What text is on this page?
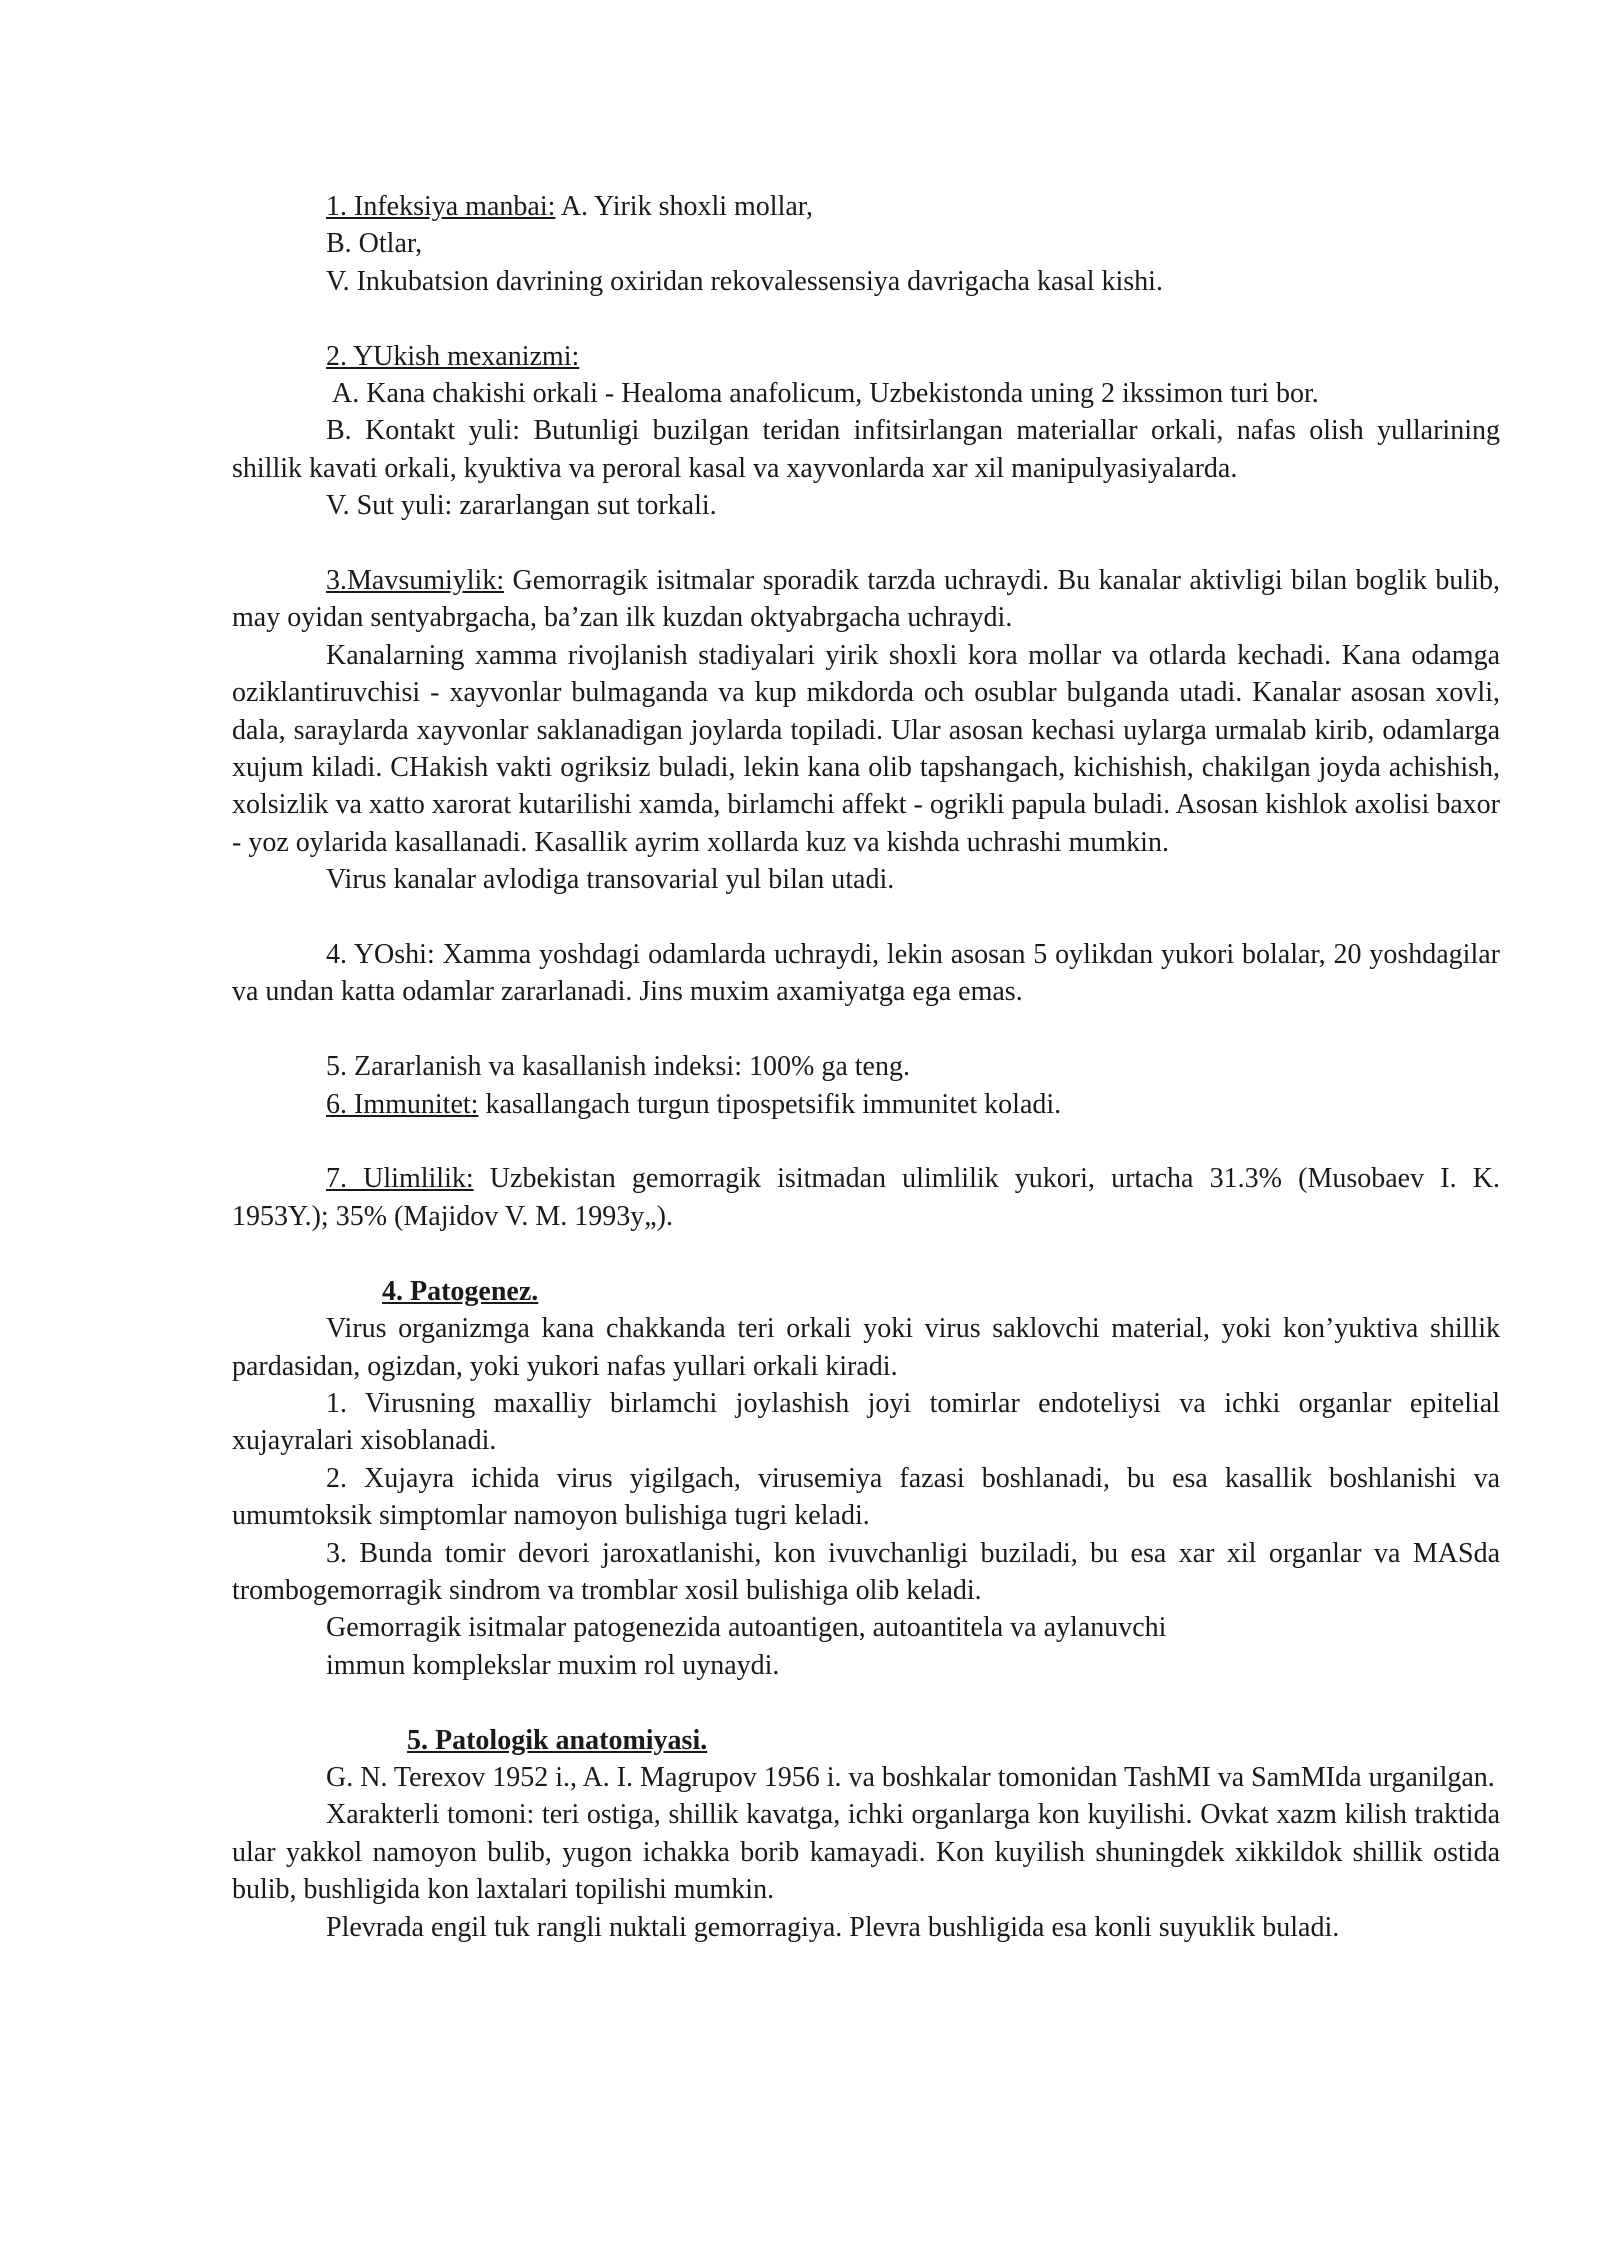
1. Infeksiya manbai: A. Yirik shoxli mollar,

B. Otlar,

V. Inkubatsion davrining oxiridan rekovalessensiya davrigacha kasal kishi.

2. YUkish mexanizmi:

A. Kana chakishi orkali - Healoma anafolicum, Uzbekistonda uning 2 ikssimon turi bor.

B. Kontakt yuli: Butunligi buzilgan teridan infitsirlangan materiallar orkali, nafas olish yullarining shillik kavati orkali, kyuktiva va peroral kasal va xayvonlarda xar xil manipulyasiyalarda.

V. Sut yuli: zararlangan sut torkali.

3.Mavsumiylik: Gemorragik isitmalar sporadik tarzda uchraydi. Bu kanalar aktivligi bilan boglik bulib, may oyidan sentyabrgacha, ba’zan ilk kuzdan oktyabrgacha uchraydi.

Kanalarning xamma rivojlanish stadiyalari yirik shoxli kora mollar va otlarda kechadi. Kana odamga oziklantiruvchisi - xayvonlar bulmaganda va kup mikdorda och osublar bulganda utadi. Kanalar asosan xovli, dala, saraylarda xayvonlar saklanadigan joylarda topiladi. Ular asosan kechasi uylarga urmalab kirib, odamlarga xujum kiladi. CHakish vakti ogriksiz buladi, lekin kana olib tapshangach, kichishish, chakilgan joyda achishish, xolsizlik va xatto xarorat kutarilishi xamda, birlamchi affekt - ogrikli papula buladi. Asosan kishlok axolisi baxor - yoz oylarida kasallanadi. Kasallik ayrim xollarda kuz va kishda uchrashi mumkin.

Virus kanalar avlodiga transovarial yul bilan utadi.

4. YOshi: Xamma yoshdagi odamlarda uchraydi, lekin asosan 5 oylikdan yukori bolalar, 20 yoshdagilar va undan katta odamlar zararlanadi. Jins muxim axamiyatga ega emas.

5. Zararlanish va kasallanish indeksi: 100% ga teng.

6. Immunitet: kasallangach turgun tipospetsifik immunitet koladi.

7. Ulimlilik: Uzbekistan gemorragik isitmadan ulimlilik yukori, urtacha 31.3% (Musobaev I. K. 1953Y.); 35% (Majidov V. M. 1993y„).

4. Patogenez.

Virus organizmga kana chakkanda teri orkali yoki virus saklovchi material, yoki kon’yuktiva shillik pardasidan, ogizdan, yoki yukori nafas yullari orkali kiradi.

1. Virusning maxalliy birlamchi joylashish joyi tomirlar endoteliysi va ichki organlar epitelial xujayralari xisoblanadi.

2. Xujayra ichida virus yigilgach, virusemiya fazasi boshlanadi, bu esa kasallik boshlanishi va umumtoksik simptomlar namoyon bulishiga tugri keladi.

3. Bunda tomir devori jaroxatlanishi, kon ivuvchanligi buziladi, bu esa xar xil organlar va MASda trombogemorragik sindrom va tromblar xosil bulishiga olib keladi.

Gemorragik isitmalar patogenezida autoantigen, autoantitela va aylanuvchi

immun komplekslar muxim rol uynaydi.

5. Patologik anatomiyasi.

G. N. Terexov 1952 i., A. I. Magrupov 1956 i. va boshkalar tomonidan TashMI va SamMIda urganilgan.

Xarakterli tomoni: teri ostiga, shillik kavatga, ichki organlarga kon kuyilishi. Ovkat xazm kilish traktida ular yakkol namoyon bulib, yugon ichakka borib kamayadi. Kon kuyilish shuningdek xikkildok shillik ostida bulib, bushligida kon laxtalari topilishi mumkin.

Plevrada engil tuk rangli nuktali gemorragiya. Plevra bushligida esa konli suyuklik buladi.
